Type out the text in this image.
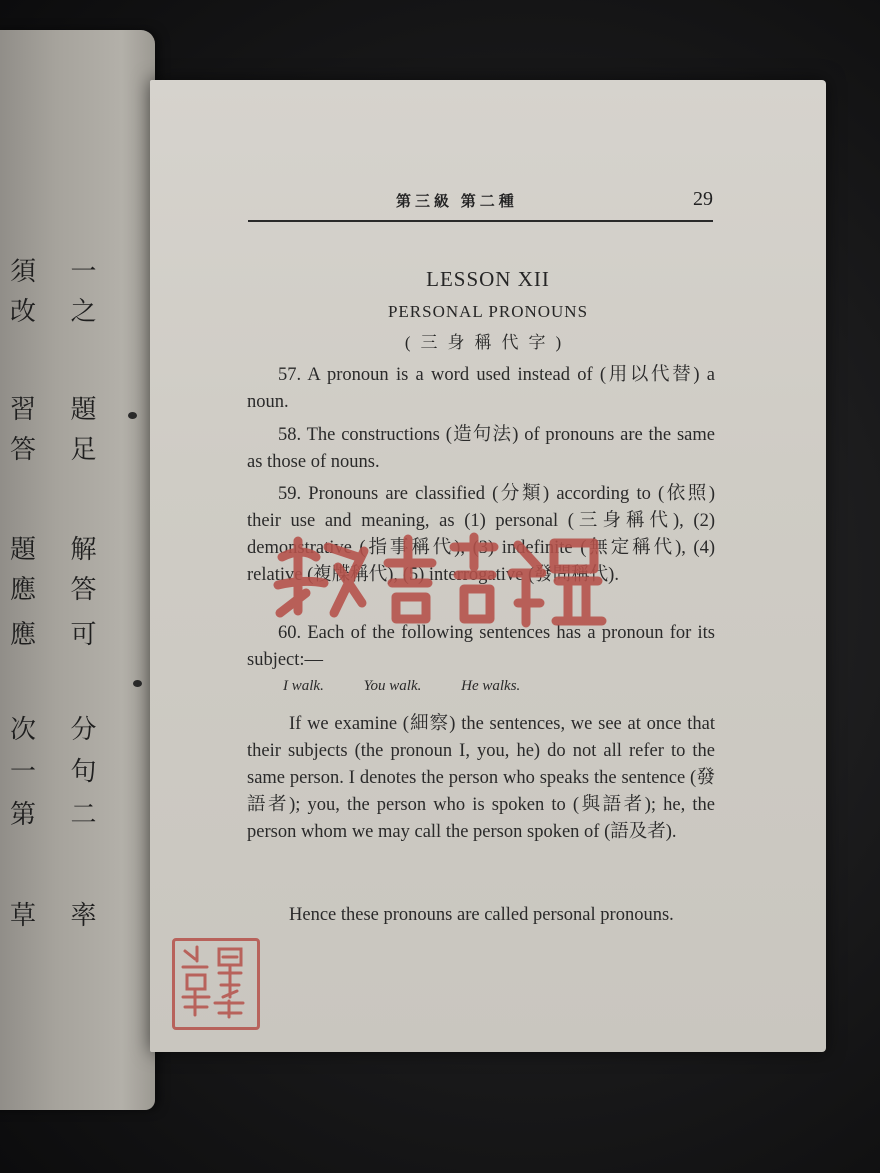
須 一
改 之
習 題
答 足
題 解
應 答
應 可
次 分
一 句
第 二
草 率
第三級 第二種	29
LESSON XII
PERSONAL PRONOUNS
(三身稱代字)
57. A pronoun is a word used instead of (用以代替) a noun.
58. The constructions (造句法) of pronouns are the same as those of nouns.
59. Pronouns are classified (分類) according to (依照) their use and meaning, as (1) personal (三身稱代), (2) demonstrative (指事稱代), (3) indefinite (無定稱代), (4) relative (複牒稱代), (5) interrogative (發問稱代).
60. Each of the following sentences has a pronoun for its subject:—
I walk.	You walk.	He walks.
If we examine (細察) the sentences, we see at once that their subjects (the pronoun I, you, he) do not all refer to the same person. I denotes the person who speaks the sentence (發語者); you, the person who is spoken to (與語者); he, the person whom we may call the person spoken of (語及者).
Hence these pronouns are called personal pronouns.
